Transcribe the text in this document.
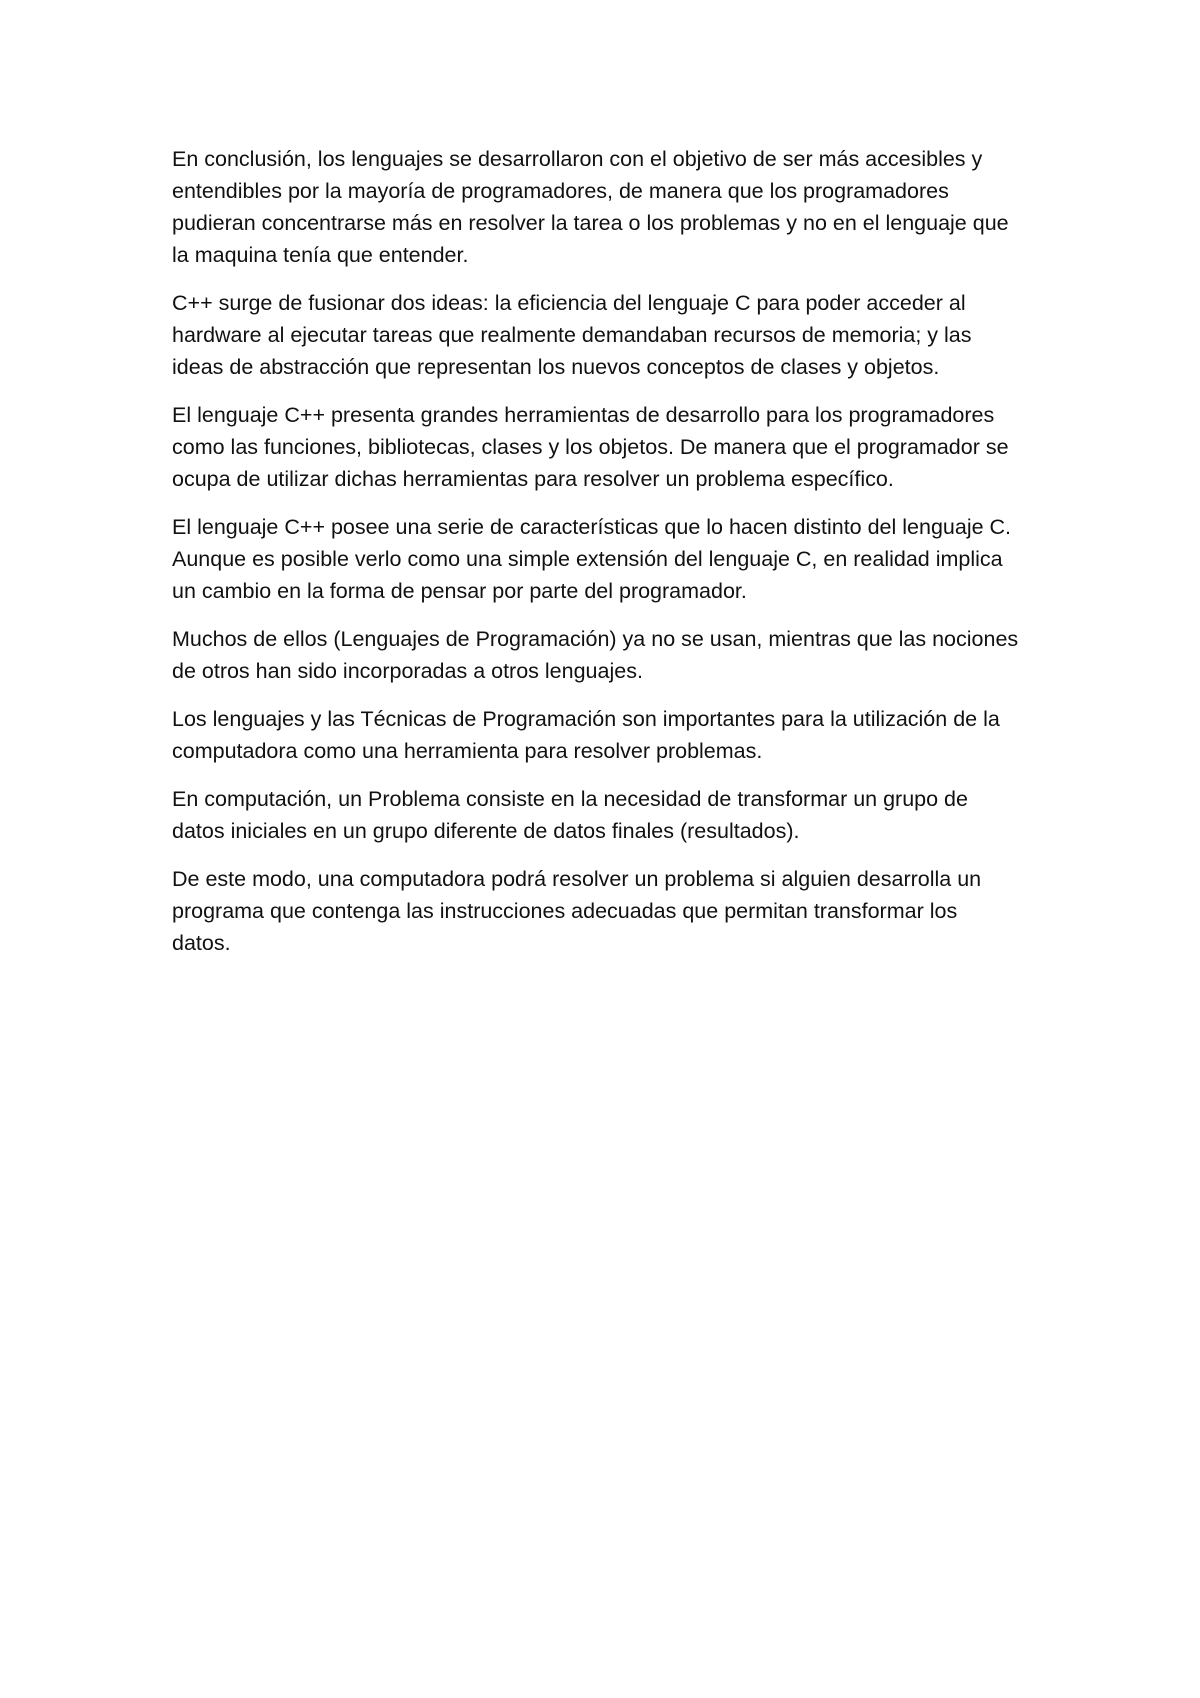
En conclusión, los lenguajes se desarrollaron con el objetivo de ser más accesibles y
entendibles por la mayoría de programadores, de manera que los programadores
pudieran concentrarse más en resolver la tarea o los problemas y no en el lenguaje que
la maquina tenía que entender.

C++ surge de fusionar dos ideas: la eficiencia del lenguaje C para poder acceder al
hardware al ejecutar tareas que realmente demandaban recursos de memoria; y las
ideas de abstracción que representan los nuevos conceptos de clases y objetos.

El lenguaje C++ presenta grandes herramientas de desarrollo para los programadores
como las funciones, bibliotecas, clases y los objetos. De manera que el programador se
ocupa de utilizar dichas herramientas para resolver un problema específico.

El lenguaje C++ posee una serie de características que lo hacen distinto del lenguaje C.
Aunque es posible verlo como una simple extensión del lenguaje C, en realidad implica
un cambio en la forma de pensar por parte del programador.

Muchos de ellos (Lenguajes de Programación) ya no se usan, mientras que las nociones
de otros han sido incorporadas a otros lenguajes.

Los lenguajes y las Técnicas de Programación son importantes para la utilización de la
computadora como una herramienta para resolver problemas.

En computación, un Problema consiste en la necesidad de transformar un grupo de
datos iniciales en un grupo diferente de datos finales (resultados).

De este modo, una computadora podrá resolver un problema si alguien desarrolla un
programa que contenga las instrucciones adecuadas que permitan transformar los
datos.
